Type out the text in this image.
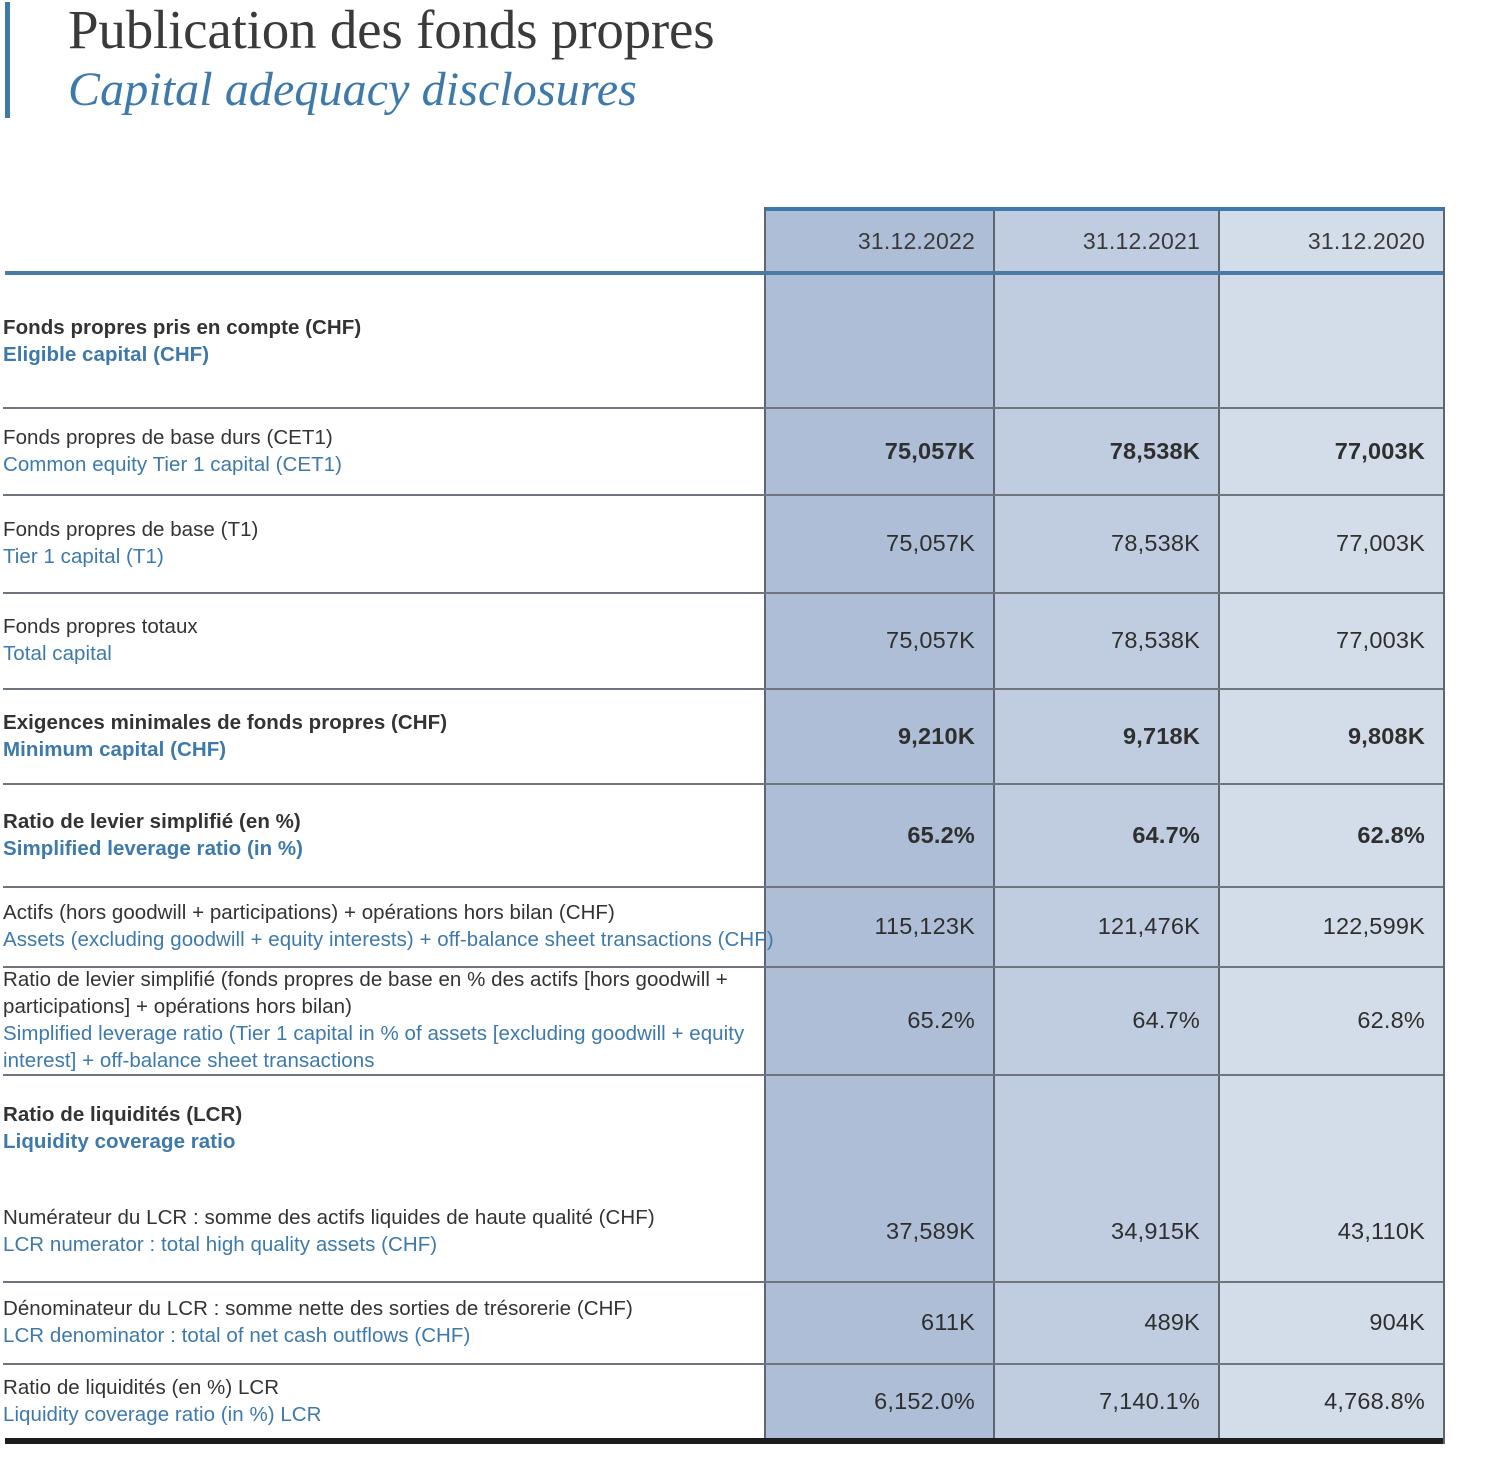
Publication des fonds propres
Capital adequacy disclosures
31.12.2022	31.12.2021	31.12.2020
Fonds propres pris en compte (CHF)
Eligible capital (CHF)
Fonds propres de base durs (CET1)
Common equity Tier 1 capital (CET1)
75,057K	78,538K	77,003K
Fonds propres de base (T1)
Tier 1 capital (T1)
75,057K	78,538K	77,003K
Fonds propres totaux
Total capital
75,057K	78,538K	77,003K
Exigences minimales de fonds propres (CHF)
Minimum capital (CHF)
9,210K	9,718K	9,808K
Ratio de levier simplifié (en %)
Simplified leverage ratio (in %)
65.2%	64.7%	62.8%
Actifs (hors goodwill + participations) + opérations hors bilan (CHF)
Assets (excluding goodwill + equity interests) + off-balance sheet transactions (CHF)
115,123K	121,476K	122,599K
Ratio de levier simplifié (fonds propres de base en % des actifs [hors goodwill + participations] + opérations hors bilan)
Simplified leverage ratio (Tier 1 capital in % of assets [excluding goodwill + equity interest] + off-balance sheet transactions
65.2%	64.7%	62.8%
Ratio de liquidités (LCR)
Liquidity coverage ratio
Numérateur du LCR : somme des actifs liquides de haute qualité (CHF)
LCR numerator : total high quality assets (CHF)
37,589K	34,915K	43,110K
Dénominateur du LCR : somme nette des sorties de trésorerie (CHF)
LCR denominator : total of net cash outflows (CHF)
611K	489K	904K
Ratio de liquidités (en %) LCR
Liquidity coverage ratio (in %) LCR
6,152.0%	7,140.1%	4,768.8%
